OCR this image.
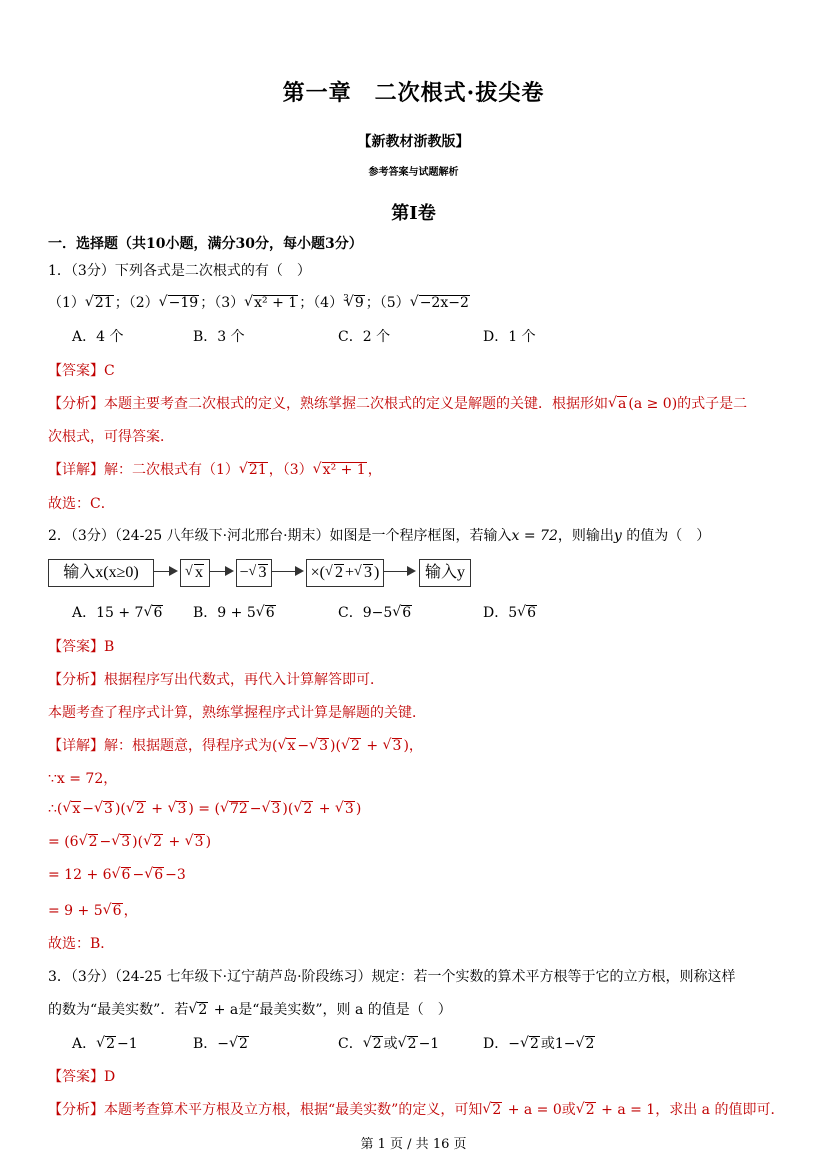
第一章　二次根式·拔尖卷
【新教材浙教版】
参考答案与试题解析
第Ⅰ卷
一．选择题（共10小题，满分30分，每小题3分）
1．（3分）下列各式是二次根式的有（　）
（1）√ 21 ；（2）√ −19 ；（3）√ x² + 1 ；$(4)^3√$ 9 ；（5）√ −2x−2
A．4 个	B．3 个	C．2 个	D．1 个
【答案】C
【分析】本题主要考查二次根式的定义，熟练掌握二次根式的定义是解题的关键．根据形如√ a (a ≥ 0)的式子是二
次根式，可得答案．
【详解】解：二次根式有（1）√ 21 ，（3）√ x² + 1 ，
故选：C．
2．（3分）（24-25 八年级下·河北邢台·期末）如图是一个程序框图，若输入x = 72，则输出y 的值为（　）
输入x(x≥0)
√	x	−√ 3	×(√ 2 +√ 3 )	输入y
A．15 + 7√ 6 B．9 + 5√ 6	C．9−5√ 6	D．5√ 6
【答案】B
【分析】根据程序写出代数式，再代入计算解答即可．
本题考查了程序式计算，熟练掌握程序式计算是解题的关键．
【详解】解：根据题意，得程序式为(√ x −√ 3 )(√ 2 + √ 3 )，
∵x = 72，
∴(√ x −√ 3 )(√ 2 + √ 3 ) = (√ 72 −√ 3 )(√ 2 + √ 3 )
= (6√ 2 −√ 3 )(√ 2 + √ 3 )
= 12 + 6√ 6 −√ 6 −3
= 9 + 5√ 6 ，
故选：B．
3．（3分）（24-25 七年级下·辽宁葫芦岛·阶段练习）规定：若一个实数的算术平方根等于它的立方根，则称这样
的数为“最美实数”．若√ 2 + a是“最美实数”，则 a 的值是（　）
A．√ 2 −1	B．−√ 2	C．√ 2 或√ 2 −1	D．−√ 2 或1−√ 2
【答案】D
【分析】本题考查算术平方根及立方根，根据“最美实数”的定义，可知√ 2 + a = 0或√ 2 + a = 1，求出 a 的值即可．
第 1 页 / 共 16 页
